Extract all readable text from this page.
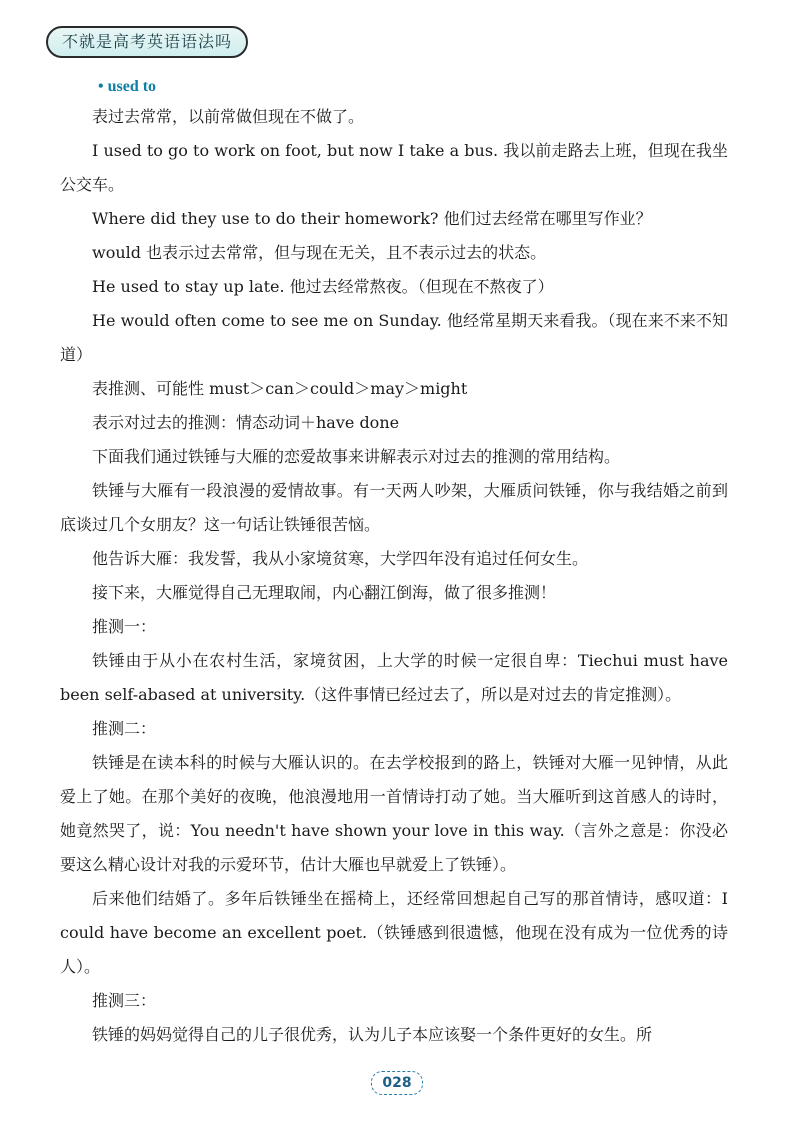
不就是高考英语语法吗
• used to

表过去常常，以前常做但现在不做了。

I used to go to work on foot, but now I take a bus. 我以前走路去上班，但现在我坐公交车。

Where did they use to do their homework? 他们过去经常在哪里写作业？

would 也表示过去常常，但与现在无关，且不表示过去的状态。

He used to stay up late. 他过去经常熬夜。（但现在不熬夜了）

He would often come to see me on Sunday. 他经常星期天来看我。（现在来不来不知道）

表推测、可能性 must＞can＞could＞may＞might

表示对过去的推测：情态动词＋have done

下面我们通过铁锤与大雁的恋爱故事来讲解表示对过去的推测的常用结构。

铁锤与大雁有一段浪漫的爱情故事。有一天两人吵架，大雁质问铁锤，你与我结婚之前到底谈过几个女朋友？这一句话让铁锤很苦恼。

他告诉大雁：我发誓，我从小家境贫寒，大学四年没有追过任何女生。

接下来，大雁觉得自己无理取闹，内心翻江倒海，做了很多推测！

推测一：

铁锤由于从小在农村生活，家境贫困，上大学的时候一定很自卑：Tiechui must have been self-abased at university.（这件事情已经过去了，所以是对过去的肯定推测）。

推测二：

铁锤是在读本科的时候与大雁认识的。在去学校报到的路上，铁锤对大雁一见钟情，从此爱上了她。在那个美好的夜晚，他浪漫地用一首情诗打动了她。当大雁听到这首感人的诗时，她竟然哭了，说：You needn't have shown your love in this way.（言外之意是：你没必要这么精心设计对我的示爱环节，估计大雁也早就爱上了铁锤）。

后来他们结婚了。多年后铁锤坐在摇椅上，还经常回想起自己写的那首情诗，感叹道：I could have become an excellent poet.（铁锤感到很遗憾，他现在没有成为一位优秀的诗人）。

推测三：

铁锤的妈妈觉得自己的儿子很优秀，认为儿子本应该娶一个条件更好的女生。所

028
